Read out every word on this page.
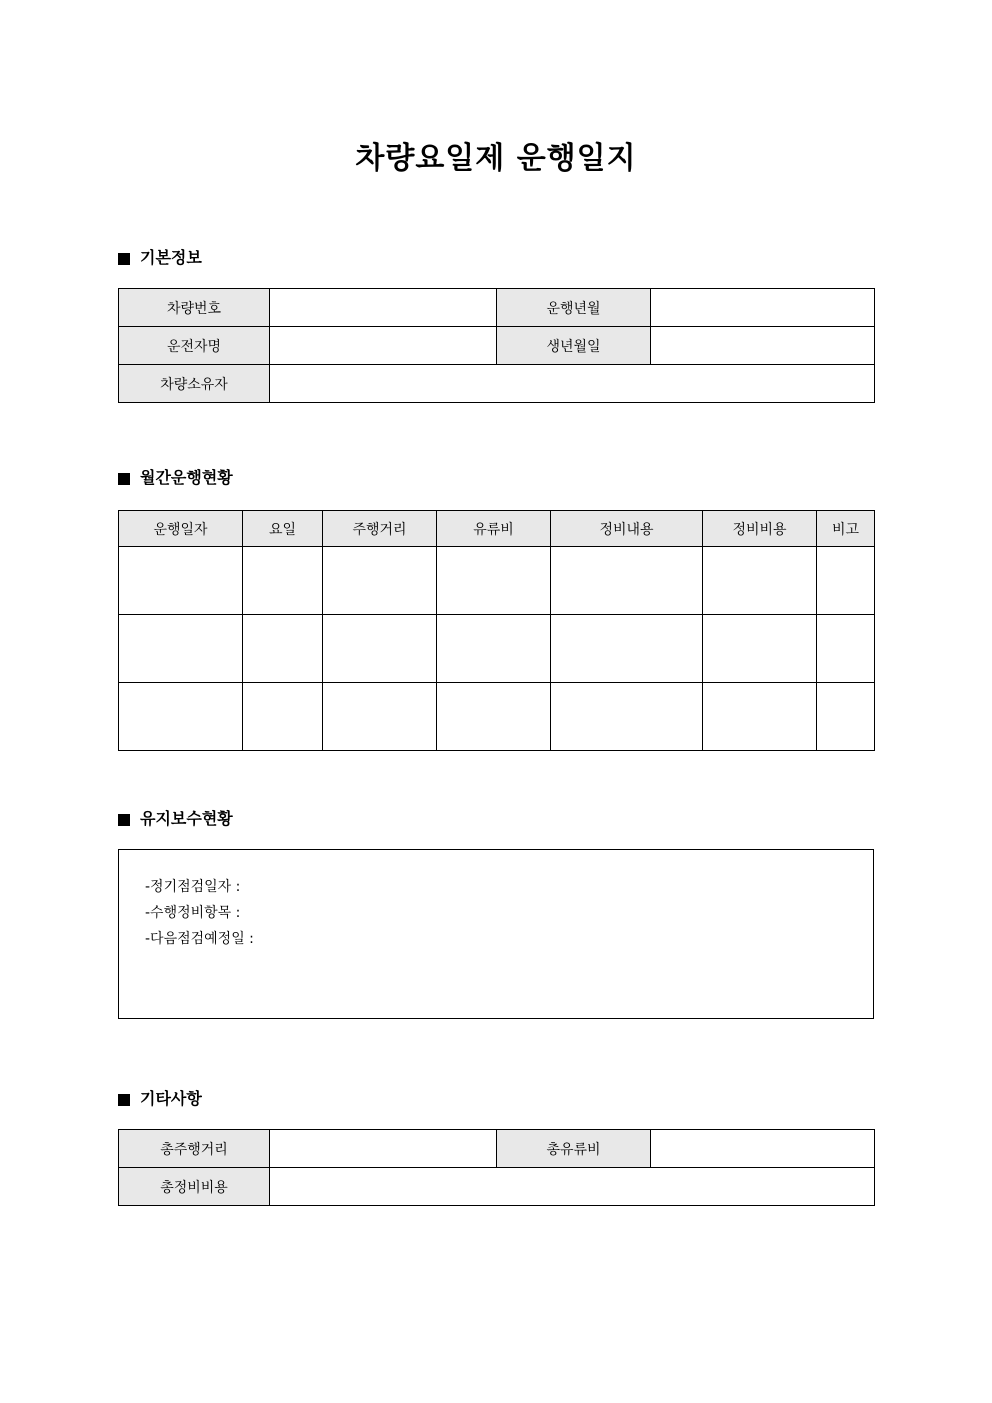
차량요일제 운행일지
기본정보
차량번호		운행년월	
운전자명		생년월일	
차량소유자			
월간운행현황
운행일자	요일	주행거리	유류비	정비내용	정비비용	비고

유지보수현황
-정기점검일자 :
-수행정비항목 :
-다음점검예정일 :
기타사항
총주행거리		총유류비	
총정비비용			
